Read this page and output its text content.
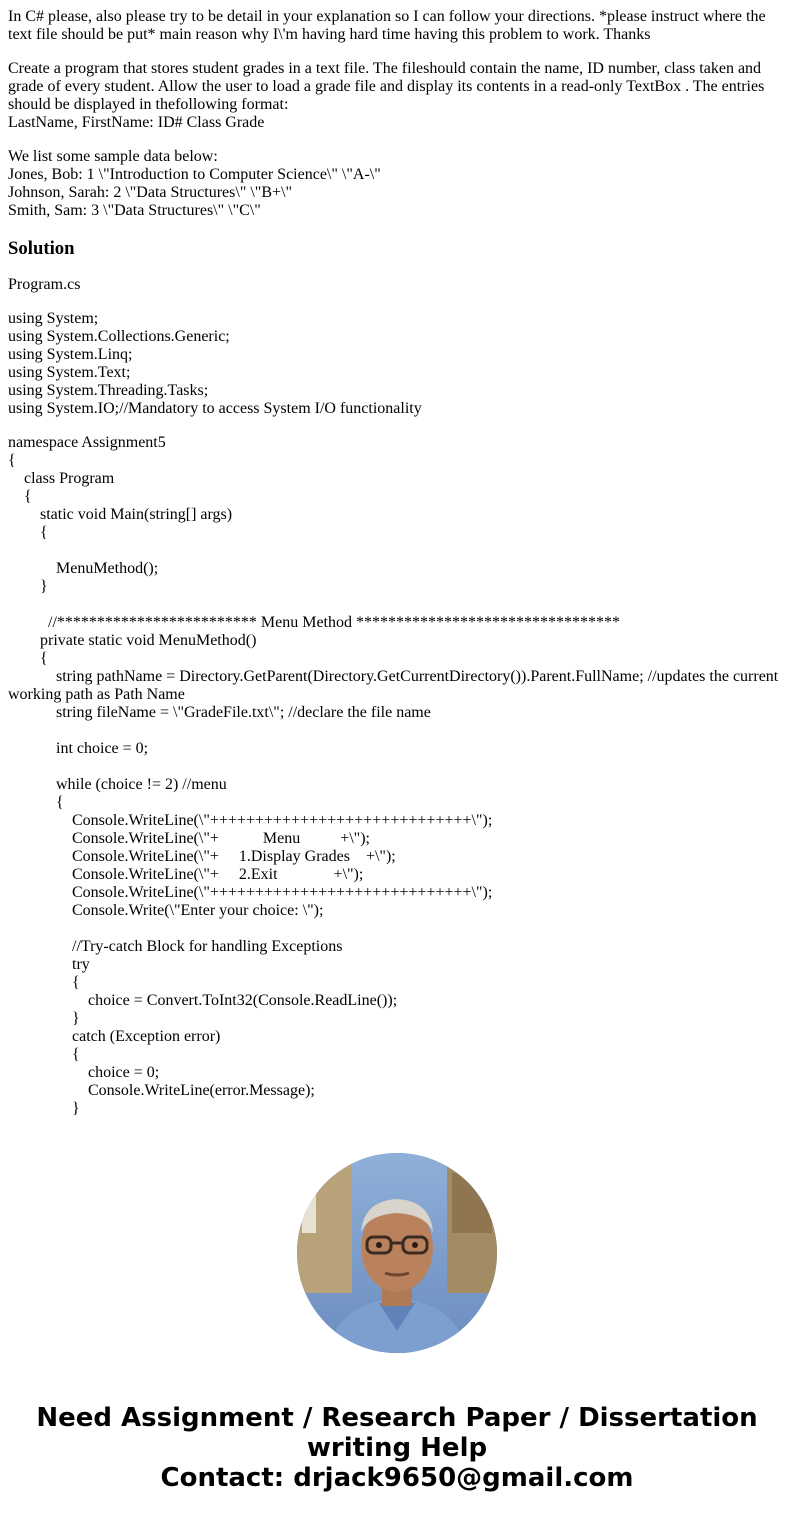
In C# please, also please try to be detail in your explanation so I can follow your directions. *please instruct where the text file should be put* main reason why I\'m having hard time having this problem to work. Thanks

Create a program that stores student grades in a text file. The fileshould contain the name, ID number, class taken and grade of every student. Allow the user to load a grade file and display its contents in a read-only TextBox . The entries should be displayed in thefollowing format:
LastName, FirstName: ID# Class Grade
We list some sample data below:
Jones, Bob: 1 \"Introduction to Computer Science\" \"A-\"
Johnson, Sarah: 2 \"Data Structures\" \"B+\"
Smith, Sam: 3 \"Data Structures\" \"C\"

Solution

Program.cs

using System;
using System.Collections.Generic;
using System.Linq;
using System.Text;
using System.Threading.Tasks;
using System.IO;//Mandatory to access System I/O functionality

namespace Assignment5
{
class Program
{
static void Main(string[] args)
{
MenuMethod();
}
//************************* Menu Method *********************************
private static void MenuMethod()
{
string pathName = Directory.GetParent(Directory.GetCurrentDirectory()).Parent.FullName; //updates the current working path as Path Name
string fileName = \"GradeFile.txt\"; //declare the file name
int choice = 0;
while (choice != 2) //menu
{
Console.WriteLine(\"+++++++++++++++++++++++++++++\");
Console.WriteLine(\"+           Menu          +\");
Console.WriteLine(\"+     1.Display Grades    +\");
Console.WriteLine(\"+     2.Exit              +\");
Console.WriteLine(\"+++++++++++++++++++++++++++++\");
Console.Write(\"Enter your choice: \");
//Try-catch Block for handling Exceptions
try
{
choice = Convert.ToInt32(Console.ReadLine());
}
catch (Exception error)
{
choice = 0;
Console.WriteLine(error.Message);
}

Need Assignment / Research Paper / Dissertation
writing Help
Contact: drjack9650@gmail.com
